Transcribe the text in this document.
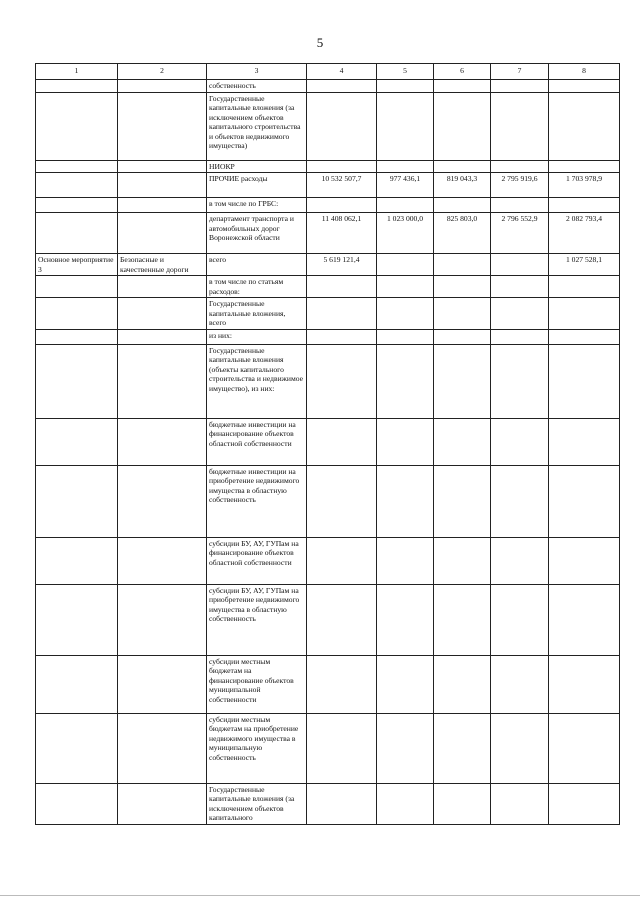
5
1	2	3	4	5	6	7	8
		собственность					
		Государственные капитальные вложения (за исключением объектов капитального строительства и объектов недвижимого имущества)					
		НИОКР					
		ПРОЧИЕ расходы	10 532 507,7	977 436,1	819 043,3	2 795 919,6	1 703 978,9
		в том числе по ГРБС:					
		департамент транспорта и автомобильных дорог Воронежской области	11 408 062,1	1 023 000,0	825 803,0	2 796 552,9	2 082 793,4
Основное мероприятие 3	Безопасные и качественные дороги	всего	5 619 121,4				1 027 528,1
		в том числе по статьям расходов:					
		Государственные капитальные вложения, всего					
		из них:					
		Государственные капитальные вложения (объекты капитального строительства и недвижимое имущество), из них:					
		бюджетные инвестиции на финансирование объектов областной собственности					
		бюджетные инвестиции на приобретение недвижимого имущества в областную собственность					
		субсидии БУ, АУ, ГУПам на финансирование объектов областной собственности					
		субсидии БУ, АУ, ГУПам на приобретение недвижимого имущества в областную собственность					
		субсидии местным бюджетам на финансирование объектов муниципальной собственности					
		субсидии местным бюджетам на приобретение недвижимого имущества в муниципальную собственность					
		Государственные капитальные вложения (за исключением объектов капитального					
